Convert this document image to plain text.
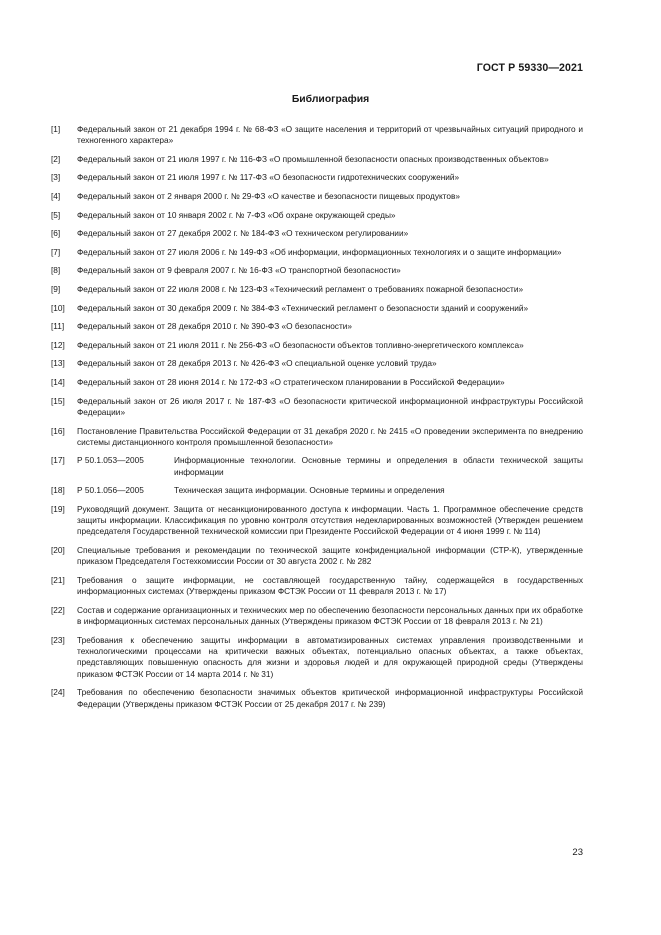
ГОСТ Р 59330—2021
Библиография
[1]	Федеральный закон от 21 декабря 1994 г. № 68-ФЗ «О защите населения и территорий от чрезвычайных ситуаций природного и техногенного характера»
[2]	Федеральный закон от 21 июля 1997 г. № 116-ФЗ «О промышленной безопасности опасных производственных объектов»
[3]	Федеральный закон от 21 июля 1997 г. № 117-ФЗ «О безопасности гидротехнических сооружений»
[4]	Федеральный закон от 2 января 2000 г. № 29-ФЗ «О качестве и безопасности пищевых продуктов»
[5]	Федеральный закон от 10 января 2002 г. № 7-ФЗ «Об охране окружающей среды»
[6]	Федеральный закон от 27 декабря 2002 г. № 184-ФЗ «О техническом регулировании»
[7]	Федеральный закон от 27 июля 2006 г. № 149-ФЗ «Об информации, информационных технологиях и о защите информации»
[8]	Федеральный закон от 9 февраля 2007 г. № 16-ФЗ «О транспортной безопасности»
[9]	Федеральный закон от 22 июля 2008 г. № 123-ФЗ «Технический регламент о требованиях пожарной безопасности»
[10]	Федеральный закон от 30 декабря 2009 г. № 384-ФЗ «Технический регламент о безопасности зданий и сооружений»
[11]	Федеральный закон от 28 декабря 2010 г. № 390-ФЗ «О безопасности»
[12]	Федеральный закон от 21 июля 2011 г. № 256-ФЗ «О безопасности объектов топливно-энергетического комплекса»
[13]	Федеральный закон от 28 декабря 2013 г. № 426-ФЗ «О специальной оценке условий труда»
[14]	Федеральный закон от 28 июня 2014 г. № 172-ФЗ «О стратегическом планировании в Российской Федерации»
[15]	Федеральный закон от 26 июля 2017 г. № 187-ФЗ «О безопасности критической информационной инфраструктуры Российской Федерации»
[16]	Постановление Правительства Российской Федерации от 31 декабря 2020 г. № 2415 «О проведении эксперимента по внедрению системы дистанционного контроля промышленной безопасности»
[17]	Р 50.1.053—2005	Информационные технологии. Основные термины и определения в области технической защиты информации
[18]	Р 50.1.056—2005	Техническая защита информации. Основные термины и определения
[19]	Руководящий документ. Защита от несанкционированного доступа к информации. Часть 1. Программное обеспечение средств защиты информации. Классификация по уровню контроля отсутствия недекларированных возможностей (Утвержден решением председателя Государственной технической комиссии при Президенте Российской Федерации от 4 июня 1999 г. № 114)
[20]	Специальные требования и рекомендации по технической защите конфиденциальной информации (СТР-К), утвержденные приказом Председателя Гостехкомиссии России от 30 августа 2002 г. № 282
[21]	Требования о защите информации, не составляющей государственную тайну, содержащейся в государственных информационных системах (Утверждены приказом ФСТЭК России от 11 февраля 2013 г. № 17)
[22]	Состав и содержание организационных и технических мер по обеспечению безопасности персональных данных при их обработке в информационных системах персональных данных (Утверждены приказом ФСТЭК России от 18 февраля 2013 г. № 21)
[23]	Требования к обеспечению защиты информации в автоматизированных системах управления производственными и технологическими процессами на критически важных объектах, потенциально опасных объектах, а также объектах, представляющих повышенную опасность для жизни и здоровья людей и для окружающей природной среды (Утверждены приказом ФСТЭК России от 14 марта 2014 г. № 31)
[24]	Требования по обеспечению безопасности значимых объектов критической информационной инфраструктуры Российской Федерации (Утверждены приказом ФСТЭК России от 25 декабря 2017 г. № 239)
23
